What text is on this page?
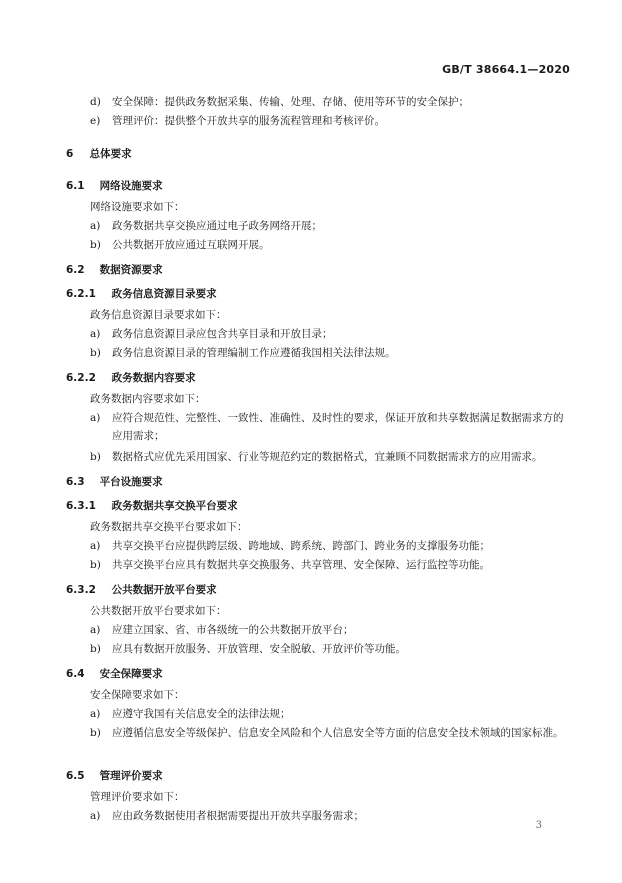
GB/T 38664.1—2020
d)	安全保障：提供政务数据采集、传输、处理、存储、使用等环节的安全保护；
e)	管理评价：提供整个开放共享的服务流程管理和考核评价。
6 总体要求
6.1 网络设施要求
网络设施要求如下：
a)	政务数据共享交换应通过电子政务网络开展；
b)	公共数据开放应通过互联网开展。
6.2 数据资源要求
6.2.1 政务信息资源目录要求
政务信息资源目录要求如下：
a)	政务信息资源目录应包含共享目录和开放目录；
b)	政务信息资源目录的管理编制工作应遵循我国相关法律法规。
6.2.2 政务数据内容要求
政务数据内容要求如下：
a)	应符合规范性、完整性、一致性、准确性、及时性的要求，保证开放和共享数据满足数据需求方的应用需求；
b)	数据格式应优先采用国家、行业等规范约定的数据格式，宜兼顾不同数据需求方的应用需求。
6.3 平台设施要求
6.3.1 政务数据共享交换平台要求
政务数据共享交换平台要求如下：
a)	共享交换平台应提供跨层级、跨地域、跨系统、跨部门、跨业务的支撑服务功能；
b)	共享交换平台应具有数据共享交换服务、共享管理、安全保障、运行监控等功能。
6.3.2 公共数据开放平台要求
公共数据开放平台要求如下：
a)	应建立国家、省、市各级统一的公共数据开放平台；
b)	应具有数据开放服务、开放管理、安全脱敏、开放评价等功能。
6.4 安全保障要求
安全保障要求如下：
a)	应遵守我国有关信息安全的法律法规；
b)	应遵循信息安全等级保护、信息安全风险和个人信息安全等方面的信息安全技术领域的国家标准。
6.5 管理评价要求
管理评价要求如下：
a)	应由政务数据使用者根据需要提出开放共享服务需求；
3
